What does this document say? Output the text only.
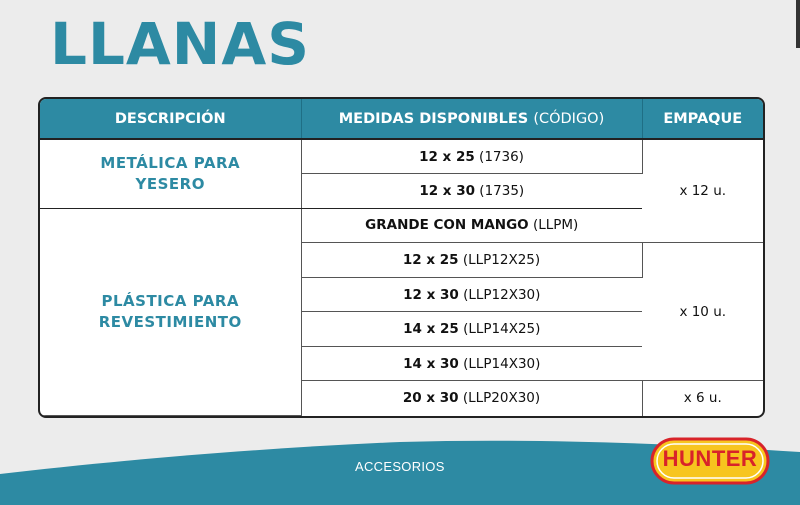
LLANAS
DESCRIPCIÓN	MEDIDAS DISPONIBLES (CÓDIGO)	EMPAQUE

METÁLICA PARA
YESERO	12 x 25 (1736)	x 12 u.
	12 x 30 (1735)	

PLÁSTICA PARA
REVESTIMIENTO	GRANDE CON MANGO (LLPM)	
	12 x 25 (LLP12X25)	x 10 u.
	12 x 30 (LLP12X30)	
	14 x 25 (LLP14X25)	
	14 x 30 (LLP14X30)	
	20 x 30 (LLP20X30)	x 6 u.
ACCESORIOS	HUNTER
